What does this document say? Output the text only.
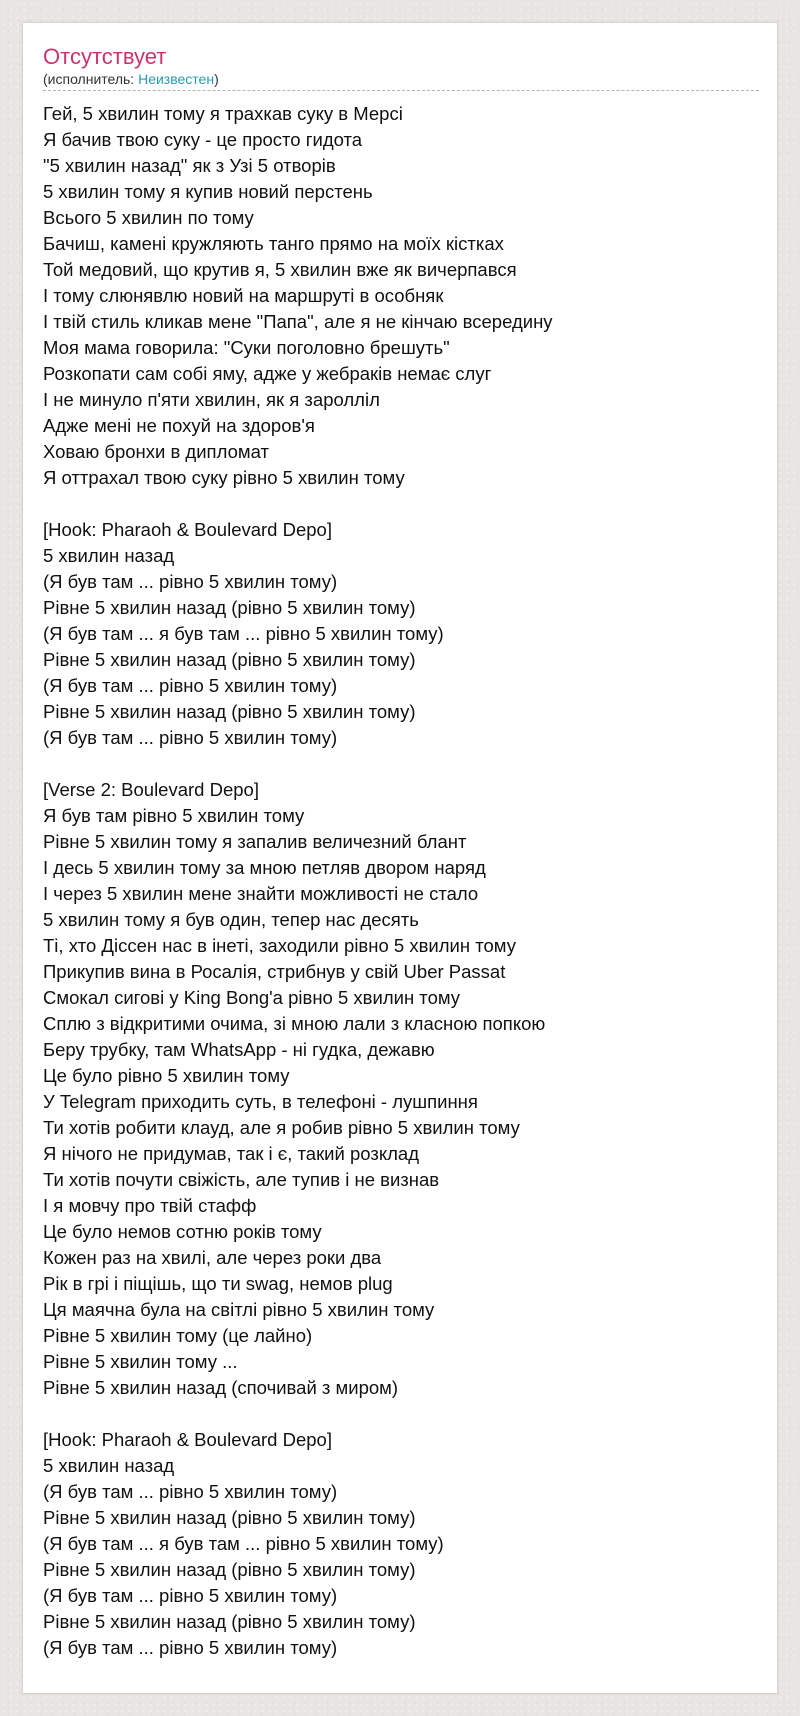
Отсутствует
(исполнитель: Неизвестен)
Гей, 5 хвилин тому я трахкав суку в Мерсі
Я бачив твою суку - це просто гидота
"5 хвилин назад" як з Узі 5 отворів
5 хвилин тому я купив новий перстень
Всього 5 хвилин по тому
Бачиш, камені кружляють танго прямо на моїх кістках
Той медовий, що крутив я, 5 хвилин вже як вичерпався
І тому слюнявлю новий на маршруті в особняк
І твій стиль кликав мене "Папа", але я не кінчаю всередину
Моя мама говорила: "Суки поголовно брешуть"
Розкопати сам собі яму, адже у жебраків немає слуг
І не минуло п'яти хвилин, як я заролліл
Адже мені не похуй на здоров'я
Ховаю бронхи в дипломат
Я оттрахал твою суку рівно 5 хвилин тому
[Hook: Pharaoh & Boulevard Depo]
5 хвилин назад
(Я був там ... рівно 5 хвилин тому)
Рівне 5 хвилин назад (рівно 5 хвилин тому)
(Я був там ... я був там ... рівно 5 хвилин тому)
Рівне 5 хвилин назад (рівно 5 хвилин тому)
(Я був там ... рівно 5 хвилин тому)
Рівне 5 хвилин назад (рівно 5 хвилин тому)
(Я був там ... рівно 5 хвилин тому)
[Verse 2: Boulevard Depo]
Я був там рівно 5 хвилин тому
Рівне 5 хвилин тому я запалив величезний блант
І десь 5 хвилин тому за мною петляв двором наряд
І через 5 хвилин мене знайти можливості не стало
5 хвилин тому я був один, тепер нас десять
Ті, хто Діссен нас в інеті, заходили рівно 5 хвилин тому
Прикупив вина в Росалія, стрибнув у свій Uber Passat
Смокал сигові у King Bong'a рівно 5 хвилин тому
Сплю з відкритими очима, зі мною лали з класною попкою
Беру трубку, там WhatsApp - ні гудка, дежавю
Це було рівно 5 хвилин тому
У Telegram приходить суть, в телефоні - лушпиння
Ти хотів робити клауд, але я робив рівно 5 хвилин тому
Я нічого не придумав, так і є, такий розклад
Ти хотів почути свіжість, але тупив і не визнав
І я мовчу про твій стафф
Це було немов сотню років тому
Кожен раз на хвилі, але через роки два
Рік в грі і піщішь, що ти swag, немов plug
Ця маячна була на світлі рівно 5 хвилин тому
Рівне 5 хвилин тому (це лайно)
Рівне 5 хвилин тому ...
Рівне 5 хвилин назад (спочивай з миром)
[Hook: Pharaoh & Boulevard Depo]
5 хвилин назад
(Я був там ... рівно 5 хвилин тому)
Рівне 5 хвилин назад (рівно 5 хвилин тому)
(Я був там ... я був там ... рівно 5 хвилин тому)
Рівне 5 хвилин назад (рівно 5 хвилин тому)
(Я був там ... рівно 5 хвилин тому)
Рівне 5 хвилин назад (рівно 5 хвилин тому)
(Я був там ... рівно 5 хвилин тому)
